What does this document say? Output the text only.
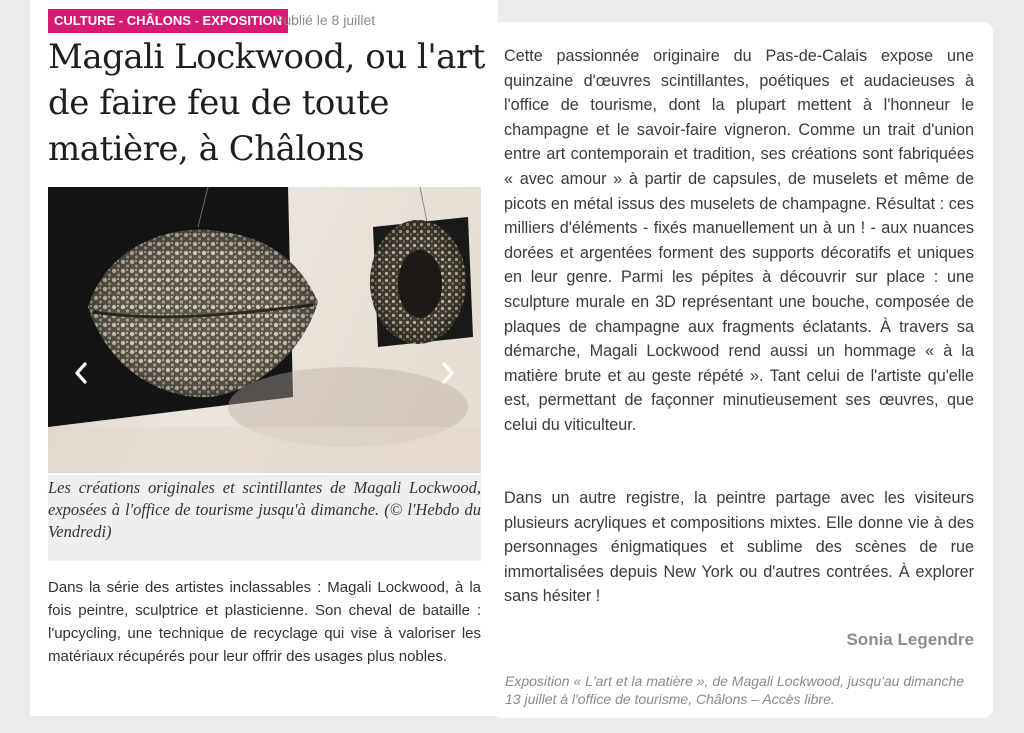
CULTURE - CHÂLONS - EXPOSITION
Publié le 8 juillet
Magali Lockwood, ou l'art de faire feu de toute matière, à Châlons

Les créations originales et scintillantes de Magali Lockwood, exposées à l'office de tourisme jusqu'à dimanche. (© l'Hebdo du Vendredi)

Dans la série des artistes inclassables : Magali Lockwood, à la fois peintre, sculptrice et plasticienne. Son cheval de bataille : l'upcycling, une technique de recyclage qui vise à valoriser les matériaux récupérés pour leur offrir des usages plus nobles.

Cette passionnée originaire du Pas-de-Calais expose une quinzaine d'œuvres scintillantes, poétiques et audacieuses à l'office de tourisme, dont la plupart mettent à l'honneur le champagne et le savoir-faire vigneron. Comme un trait d'union entre art contemporain et tradition, ses créations sont fabriquées « avec amour » à partir de capsules, de muselets et même de picots en métal issus des muselets de champagne. Résultat : ces milliers d'éléments - fixés manuellement un à un ! - aux nuances dorées et argentées forment des supports décoratifs et uniques en leur genre. Parmi les pépites à découvrir sur place : une sculpture murale en 3D représentant une bouche, composée de plaques de champagne aux fragments éclatants. À travers sa démarche, Magali Lockwood rend aussi un hommage « à la matière brute et au geste répété ». Tant celui de l'artiste qu'elle est, permettant de façonner minutieusement ses œuvres, que celui du viticulteur.

Dans un autre registre, la peintre partage avec les visiteurs plusieurs acryliques et compositions mixtes. Elle donne vie à des personnages énigmatiques et sublime des scènes de rue immortalisées depuis New York ou d'autres contrées. À explorer sans hésiter !

Sonia Legendre

Exposition « L'art et la matière », de Magali Lockwood, jusqu'au dimanche 13 juillet à l'office de tourisme, Châlons – Accès libre.
